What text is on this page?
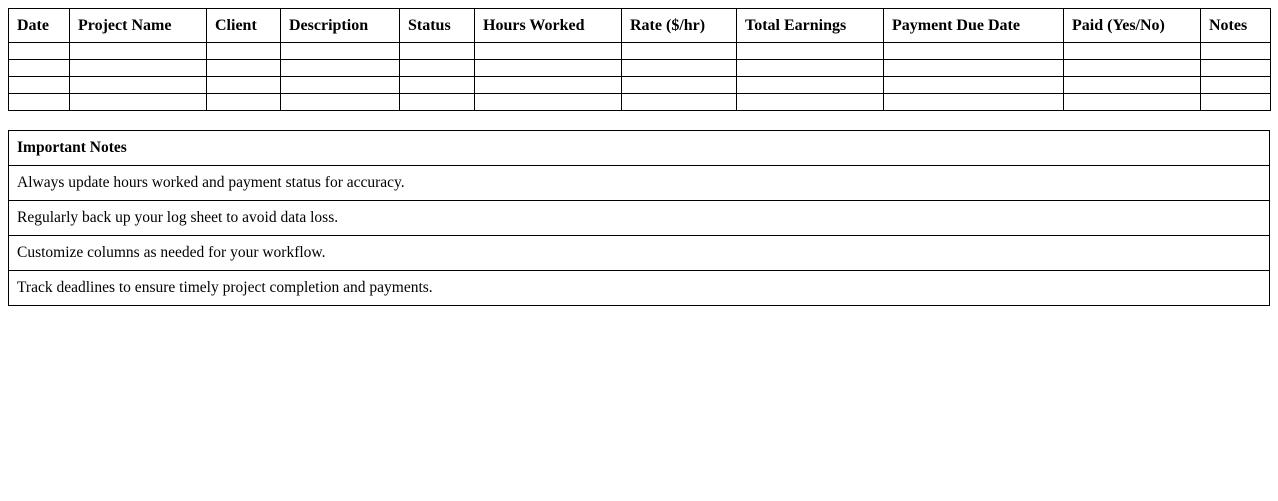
Date	Project Name	Client	Description	Status	Hours Worked	Rate ($/hr)	Total Earnings	Payment Due Date	Paid (Yes/No)	Notes

Important Notes
Always update hours worked and payment status for accuracy.
Regularly back up your log sheet to avoid data loss.
Customize columns as needed for your workflow.
Track deadlines to ensure timely project completion and payments.
